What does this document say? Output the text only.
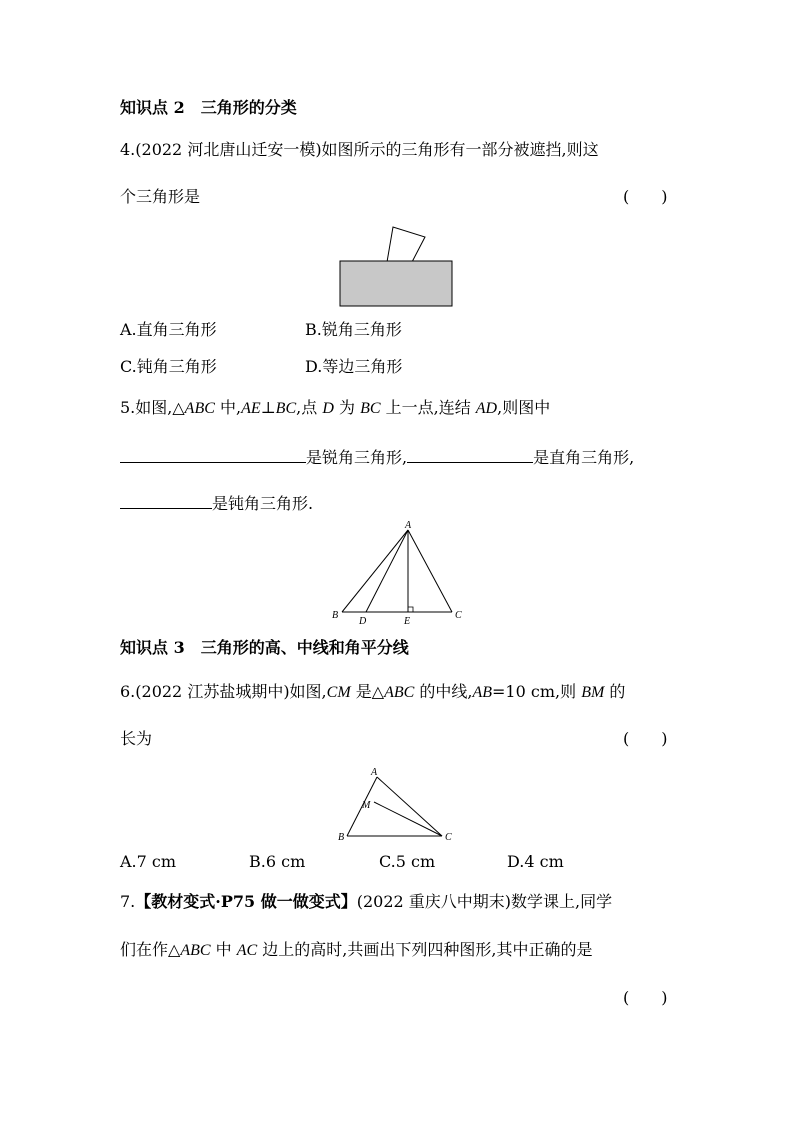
知识点 2　三角形的分类
4.(2022 河北唐山迁安一模)如图所示的三角形有一部分被遮挡,则这
个三角形是	(　　)
A.直角三角形	B.锐角三角形
C.钝角三角形	D.等边三角形
5.如图,△ABC 中,AE⊥BC,点 D 为 BC 上一点,连结 AD,则图中
是锐角三角形,	是直角三角形,
是钝角三角形.
A
B	C
D	E
知识点 3　三角形的高、中线和角平分线
6.(2022 江苏盐城期中)如图,CM 是△ABC 的中线,AB=10 cm,则 BM 的
长为	(　　)
A
M
B	C
A.7 cm	B.6 cm	C.5 cm	D.4 cm
7.【教材变式·P75 做一做变式】(2022 重庆八中期末)数学课上,同学
们在作△ABC 中 AC 边上的高时,共画出下列四种图形,其中正确的是
(　　)
